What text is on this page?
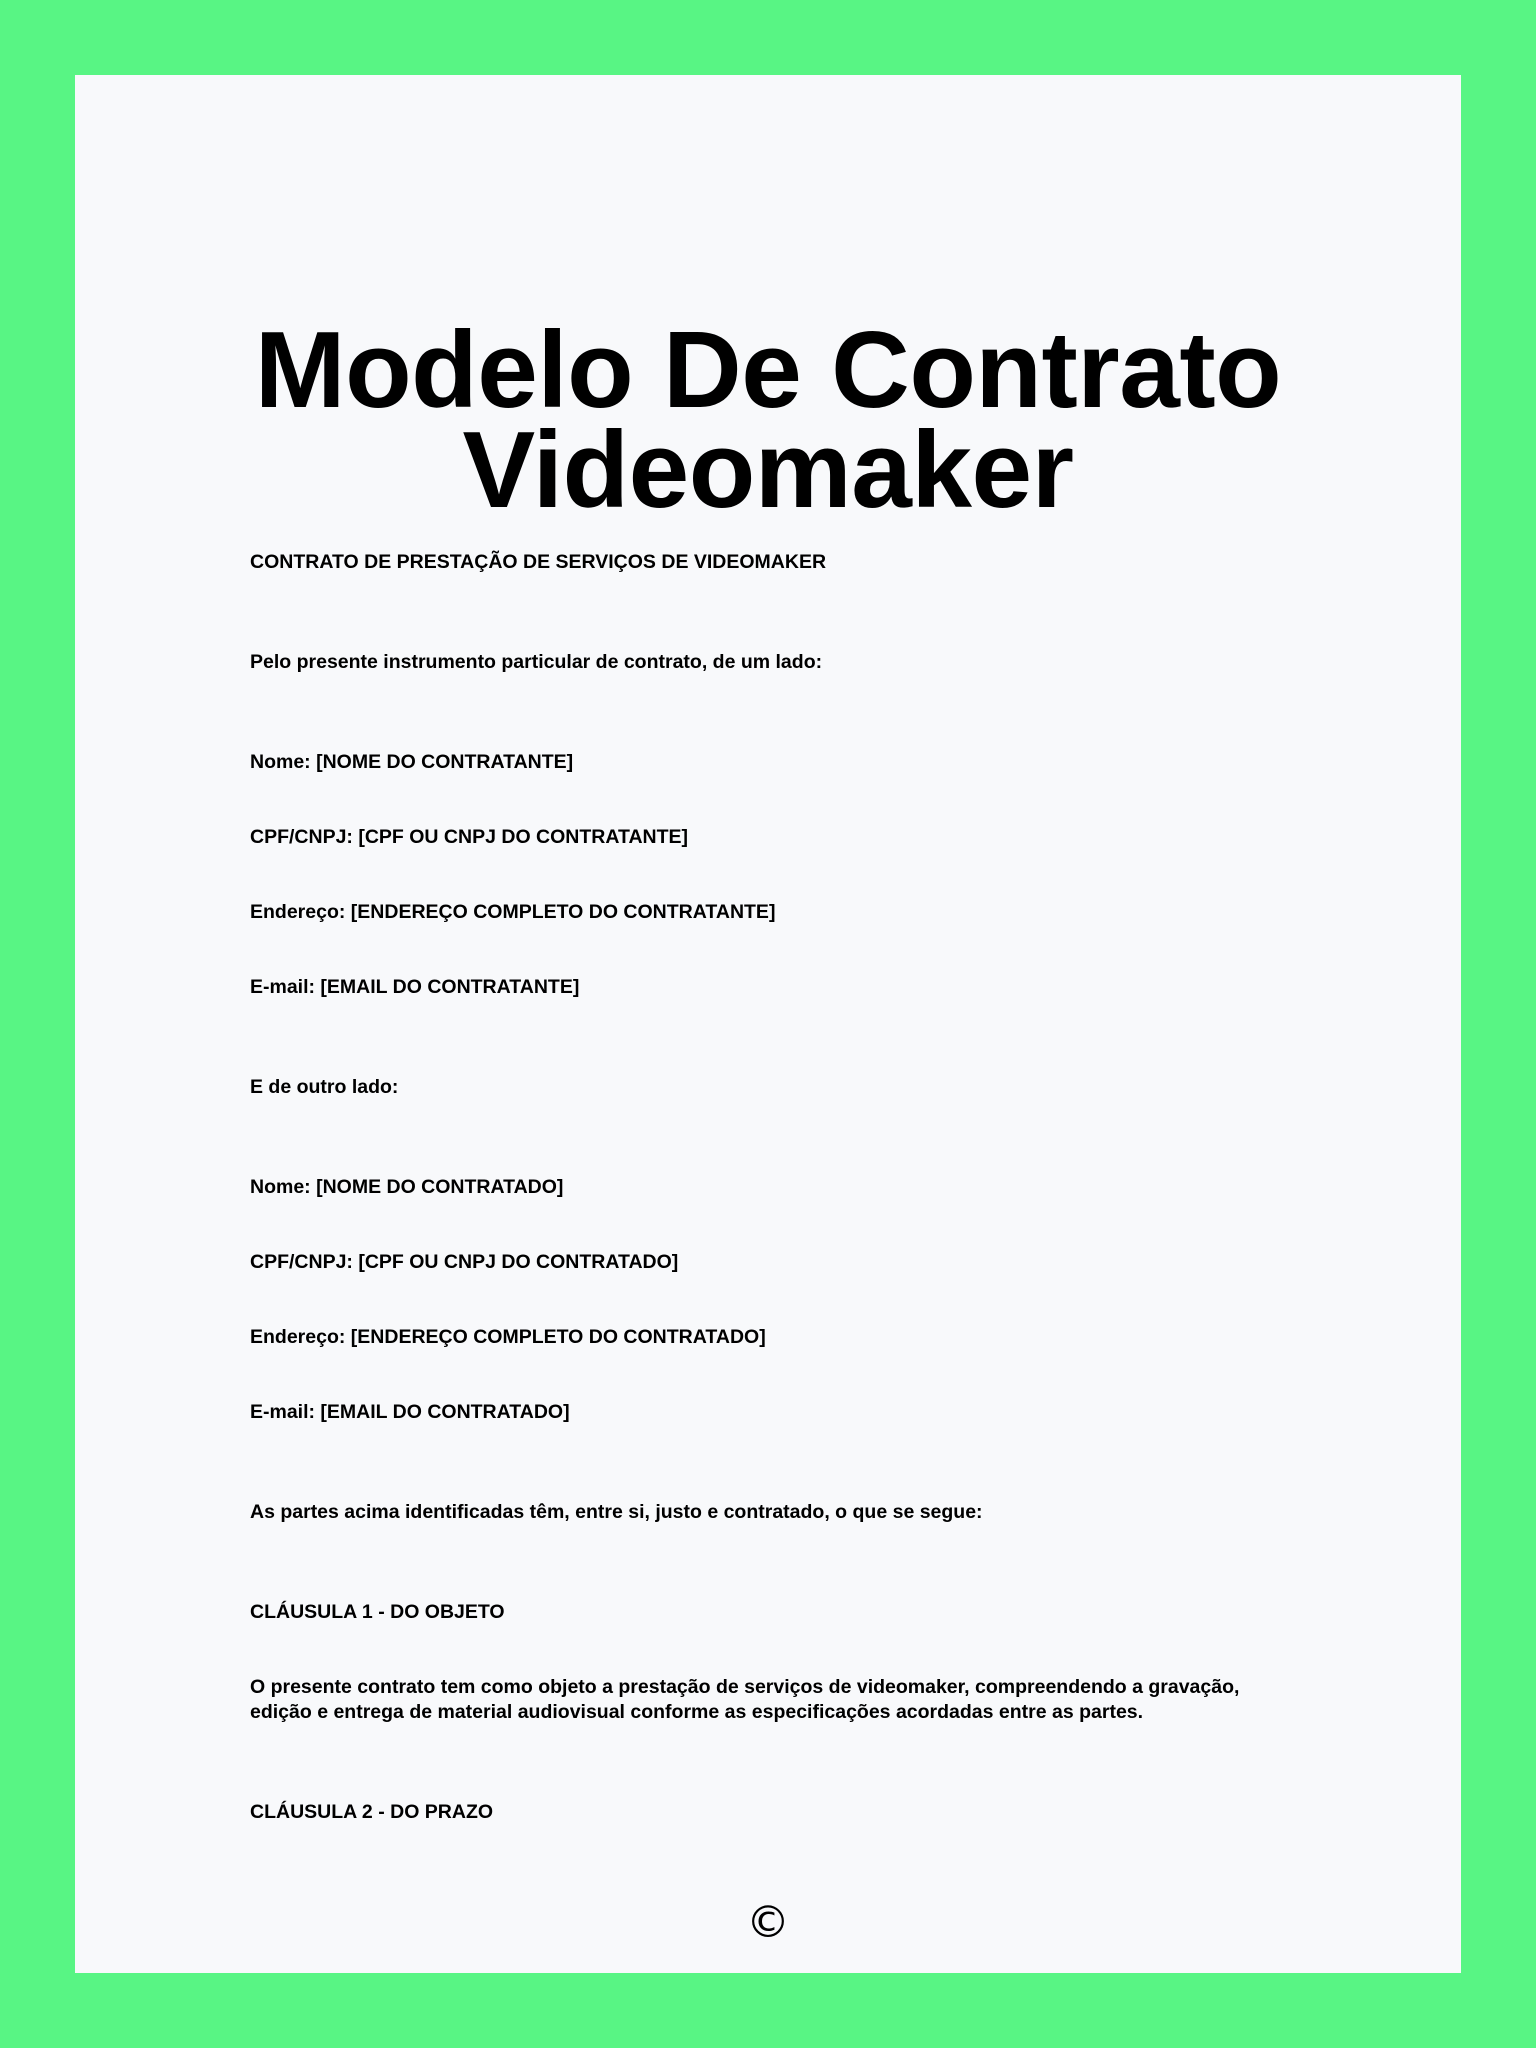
Modelo De Contrato
Videomaker

CONTRATO DE PRESTAÇÃO DE SERVIÇOS DE VIDEOMAKER

Pelo presente instrumento particular de contrato, de um lado:

Nome: [NOME DO CONTRATANTE]

CPF/CNPJ: [CPF OU CNPJ DO CONTRATANTE]

Endereço: [ENDEREÇO COMPLETO DO CONTRATANTE]

E-mail: [EMAIL DO CONTRATANTE]

E de outro lado:

Nome: [NOME DO CONTRATADO]

CPF/CNPJ: [CPF OU CNPJ DO CONTRATADO]

Endereço: [ENDEREÇO COMPLETO DO CONTRATADO]

E-mail: [EMAIL DO CONTRATADO]

As partes acima identificadas têm, entre si, justo e contratado, o que se segue:

CLÁUSULA 1 - DO OBJETO

O presente contrato tem como objeto a prestação de serviços de videomaker, compreendendo a gravação, edição e entrega de material audiovisual conforme as especificações acordadas entre as partes.

CLÁUSULA 2 - DO PRAZO

©
